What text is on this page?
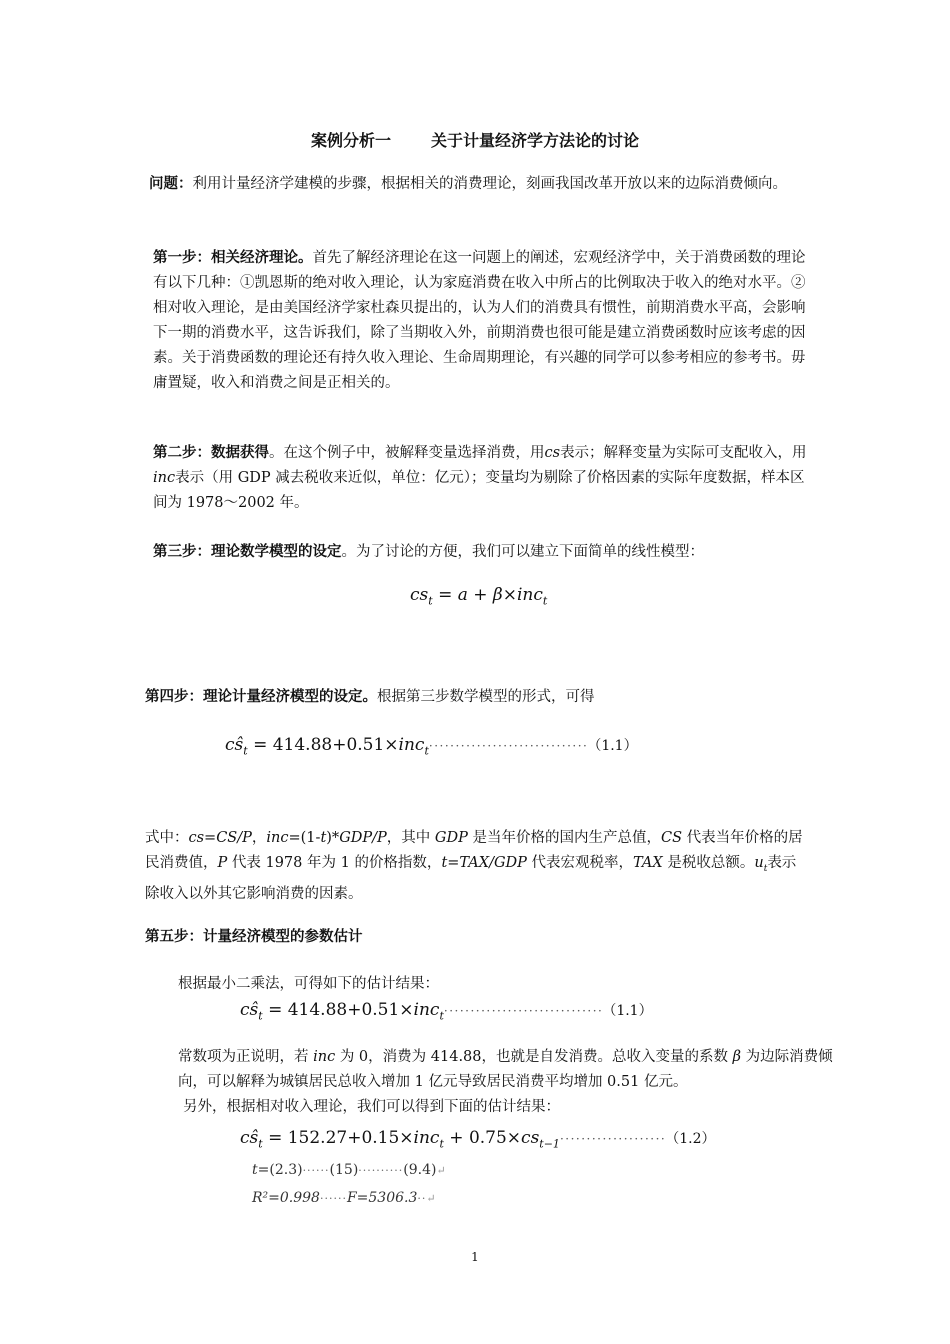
案例分析一	关于计量经济学方法论的讨论
问题：利用计量经济学建模的步骤，根据相关的消费理论，刻画我国改革开放以来的边际消费倾向。
第一步：相关经济理论。首先了解经济理论在这一问题上的阐述，宏观经济学中，关于消费函数的理论有以下几种：①凯恩斯的绝对收入理论，认为家庭消费在收入中所占的比例取决于收入的绝对水平。②相对收入理论，是由美国经济学家杜森贝提出的，认为人们的消费具有惯性，前期消费水平高，会影响下一期的消费水平，这告诉我们，除了当期收入外，前期消费也很可能是建立消费函数时应该考虑的因素。关于消费函数的理论还有持久收入理论、生命周期理论，有兴趣的同学可以参考相应的参考书。毋庸置疑，收入和消费之间是正相关的。
第二步：数据获得。在这个例子中，被解释变量选择消费，用cs表示；解释变量为实际可支配收入，用inc表示（用 GDP 减去税收来近似，单位：亿元）；变量均为剔除了价格因素的实际年度数据，样本区间为 1978～2002 年。
第三步：理论数学模型的设定。为了讨论的方便，我们可以建立下面简单的线性模型：
$cs_t = a + \beta\times inc_t$
第四步：理论计量经济模型的设定。根据第三步数学模型的形式，可得
$cŝ_t = 414.88+0.51\times inc_t\cdot\cdot\cdot\cdot\cdot\cdot\cdot\cdot\cdot\cdot\cdot\cdot\cdot\cdot\cdot\cdot\cdot\cdot\cdot\cdot\cdot\cdot\cdot\cdot\cdot\cdot\cdot\cdot\cdot\cdot (1.1)$
式中：cs=CS/P，inc=(1-t)*GDP/P，其中 GDP 是当年价格的国内生产总值，CS 代表当年价格的居民消费值，P 代表 1978 年为 1 的价格指数，t=TAX/GDP 代表宏观税率，TAX 是税收总额。$u_t$表示除收入以外其它影响消费的因素。
第五步：计量经济模型的参数估计
根据最小二乘法，可得如下的估计结果：
$cŝ_t = 414.88+0.51\times inc_t\cdot\cdot\cdot\cdot\cdot\cdot\cdot\cdot\cdot\cdot\cdot\cdot\cdot\cdot\cdot\cdot\cdot\cdot\cdot\cdot\cdot\cdot\cdot\cdot\cdot\cdot\cdot\cdot\cdot\cdot (1.1)$
常数项为正说明，若 inc 为 0，消费为 414.88，也就是自发消费。总收入变量的系数 β 为边际消费倾向，可以解释为城镇居民总收入增加 1 亿元导致居民消费平均增加 0.51 亿元。
另外，根据相对收入理论，我们可以得到下面的估计结果：
$cŝ_t = 152.27+0.15\times inc_t + 0.75\times cs_{t-1}\cdot\cdot\cdot\cdot\cdot\cdot\cdot\cdot\cdot\cdot\cdot\cdot\cdot\cdot\cdot\cdot\cdot\cdot\cdot\cdot (1.2)$
t=(2.3)······(15)··········(9.4)↵
R²=0.998······F=5306.3··↵
1
